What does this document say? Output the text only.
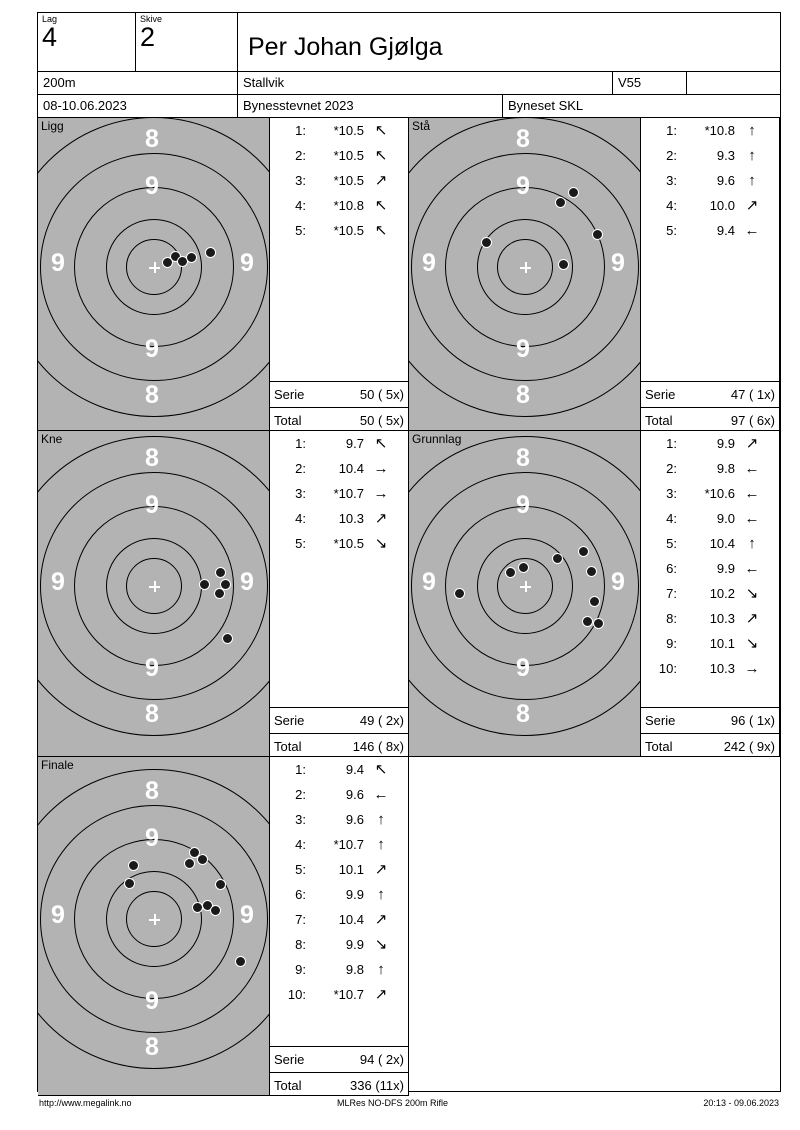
Lag
4
Skive
2	Per Johan Gjølga
200m	Stallvik	V55
08-10.06.2023	Bynesstevnet 2023	Byneset SKL
Ligg	8
9
9	9
9
8
1:	*10.5 ↖
2:	*10.5 ↖
3:	*10.5 ↗
4:	*10.8 ↖
5:	*10.5 ↖
Serie	50 ( 5x)
Total	50 ( 5x)
Stå	8
9
9	9
9
8
1:	*10.8 ↑
2:	9.3 ↑
3:	9.6 ↑
4:	10.0 ↗
5:	9.4 ←
Serie	47 ( 1x)
Total	97 ( 6x)
Kne
8
9
9	9
9
8
1:	9.7 ↖
2:	10.4 →
3:	*10.7 →
4:	10.3 ↗
5:	*10.5 ↘
Serie	49 ( 2x)
Total	146 ( 8x)
Grunnlag
8
9
9	9
9
8
1:	9.9 ↗
2:	9.8 ←
3:	*10.6 ←
4:	9.0 ←
5:	10.4 ↑
6:	9.9 ←
7:	10.2 ↘
8:	10.3 ↗
9:	10.1 ↘
10:	10.3 →
Serie	96 ( 1x)
Total	242 ( 9x)
Finale
8
9
9	9
9
8
1:	9.4 ↖
2:	9.6 ←
3:	9.6 ↑
4:	*10.7 ↑
5:	10.1 ↗
6:	9.9 ↑
7:	10.4 ↗
8:	9.9 ↘
9:	9.8 ↑
10:	*10.7 ↗
Serie	94 ( 2x)
Total	336 (11x)
http://www.megalink.no	MLRes NO-DFS 200m Rifle	20:13 - 09.06.2023
